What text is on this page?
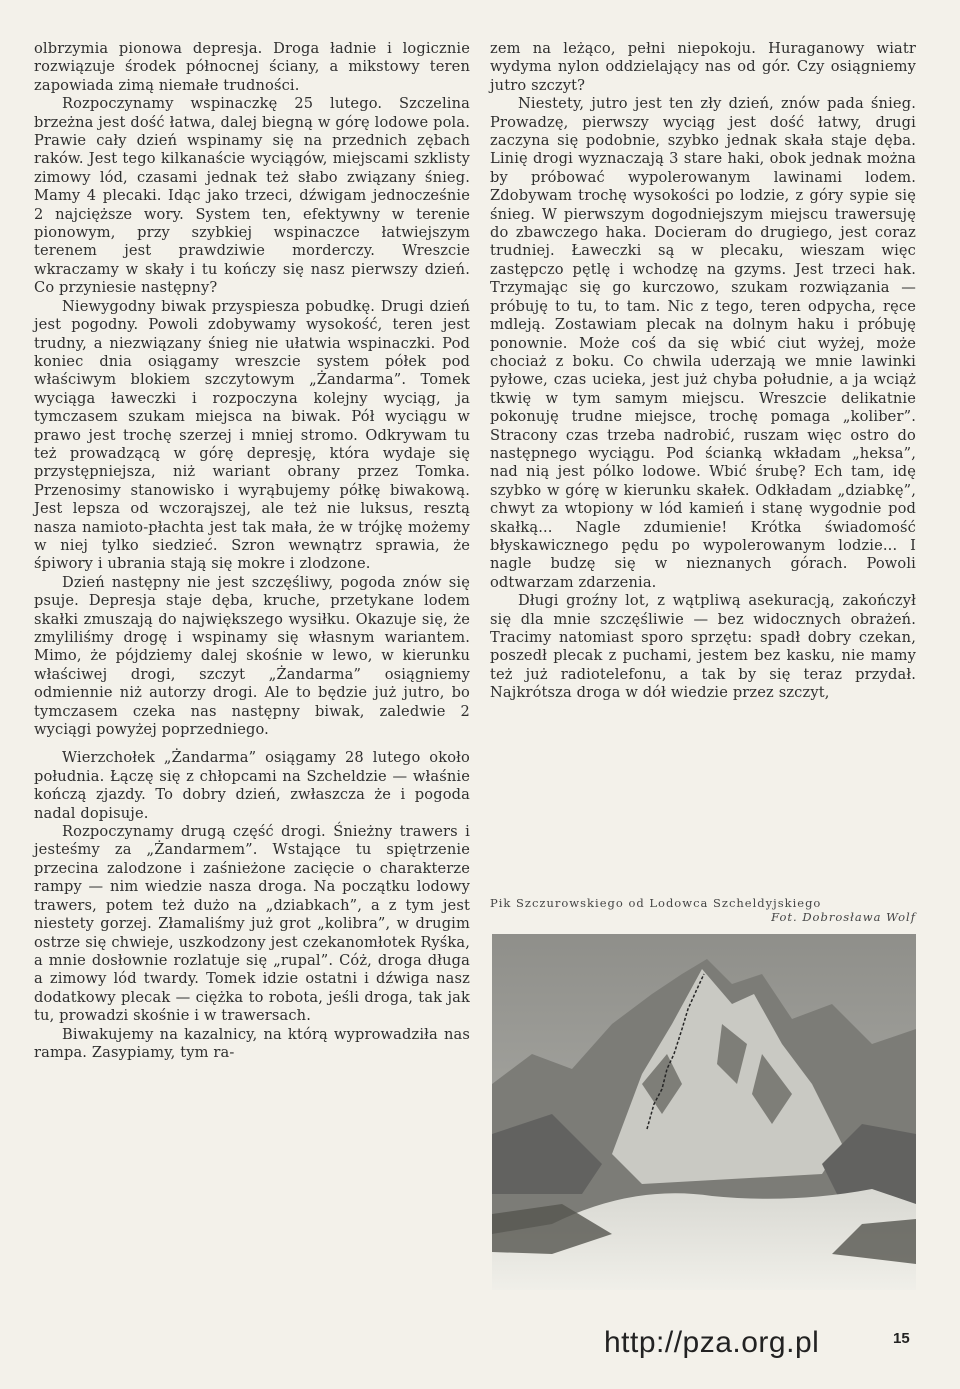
olbrzymia pionowa depresja. Droga ładnie i logicznie rozwiązuje środek północnej ściany, a mikstowy teren zapowiada zimą niemałe trudności.

Rozpoczynamy wspinaczkę 25 lutego. Szczelina brzeżna jest dość łatwa, dalej biegną w górę lodowe pola. Prawie cały dzień wspinamy się na przednich zębach raków. Jest tego kilkanaście wyciągów, miejscami szklisty zimowy lód, czasami jednak też słabo związany śnieg. Mamy 4 plecaki. Idąc jako trzeci, dźwigam jednocześnie 2 najcięższe wory. System ten, efektywny w terenie pionowym, przy szybkiej wspinaczce łatwiejszym terenem jest prawdziwie morderczy. Wreszcie wkraczamy w skały i tu kończy się nasz pierwszy dzień. Co przyniesie następny?

Niewygodny biwak przyspiesza pobudkę. Drugi dzień jest pogodny. Powoli zdobywamy wysokość, teren jest trudny, a niezwiązany śnieg nie ułatwia wspinaczki. Pod koniec dnia osiągamy wreszcie system półek pod właściwym blokiem szczytowym „Żandarma”. Tomek wyciąga ławeczki i rozpoczyna kolejny wyciąg, ja tymczasem szukam miejsca na biwak. Pół wyciągu w prawo jest trochę szerzej i mniej stromo. Odkrywam tu też prowadzącą w górę depresję, która wydaje się przystępniejsza, niż wariant obrany przez Tomka. Przenosimy stanowisko i wyrąbujemy półkę biwakową. Jest lepsza od wczorajszej, ale też nie luksus, resztą nasza namioto-płachta jest tak mała, że w trójkę możemy w niej tylko siedzieć. Szron wewnątrz sprawia, że śpiwory i ubrania stają się mokre i zlodzone.

Dzień następny nie jest szczęśliwy, pogoda znów się psuje. Depresja staje dęba, kruche, przetykane lodem skałki zmuszają do największego wysiłku. Okazuje się, że zmyliliśmy drogę i wspinamy się własnym wariantem. Mimo, że pójdziemy dalej skośnie w lewo, w kierunku właściwej drogi, szczyt „Żandarma” osiągniemy odmiennie niż autorzy drogi. Ale to będzie już jutro, bo tymczasem czeka nas następny biwak, zaledwie 2 wyciągi powyżej poprzedniego.

Wierzchołek „Żandarma” osiągamy 28 lutego około południa. Łączę się z chłopcami na Szcheldzie — właśnie kończą zjazdy. To dobry dzień, zwłaszcza że i pogoda nadal dopisuje.

Rozpoczynamy drugą część drogi. Śnieżny trawers i jesteśmy za „Żandarmem”. Wstające tu spiętrzenie przecina zalodzone i zaśnieżone zacięcie o charakterze rampy — nim wiedzie nasza droga. Na początku lodowy trawers, potem też dużo na „dziabkach”, a z tym jest niestety gorzej. Złamaliśmy już grot „kolibra”, w drugim ostrze się chwieje, uszkodzony jest czekanomłotek Ryśka, a mnie dosłownie rozlatuje się „rupal”. Cóż, droga długa a zimowy lód twardy. Tomek idzie ostatni i dźwiga nasz dodatkowy plecak — ciężka to robota, jeśli droga, tak jak tu, prowadzi skośnie i w trawersach.

Biwakujemy na kazalnicy, na którą wyprowadziła nas rampa. Zasypiamy, tym ra-

zem na leżąco, pełni niepokoju. Huraganowy wiatr wydyma nylon oddzielający nas od gór. Czy osiągniemy jutro szczyt?

Niestety, jutro jest ten zły dzień, znów pada śnieg. Prowadzę, pierwszy wyciąg jest dość łatwy, drugi zaczyna się podobnie, szybko jednak skała staje dęba. Linię drogi wyznaczają 3 stare haki, obok jednak można by próbować wypolerowanym lawinami lodem. Zdobywam trochę wysokości po lodzie, z góry sypie się śnieg. W pierwszym dogodniejszym miejscu trawersuję do zbawczego haka. Docieram do drugiego, jest coraz trudniej. Ławeczki są w plecaku, wieszam więc zastępczo pętlę i wchodzę na gzyms. Jest trzeci hak. Trzymając się go kurczowo, szukam rozwiązania — próbuję to tu, to tam. Nic z tego, teren odpycha, ręce mdleją. Zostawiam plecak na dolnym haku i próbuję ponownie. Może coś da się wbić ciut wyżej, może chociaż z boku. Co chwila uderzają we mnie lawinki pyłowe, czas ucieka, jest już chyba południe, a ja wciąż tkwię w tym samym miejscu. Wreszcie delikatnie pokonuję trudne miejsce, trochę pomaga „koliber”. Stracony czas trzeba nadrobić, ruszam więc ostro do następnego wyciągu. Pod ścianką wkładam „heksa”, nad nią jest pólko lodowe. Wbić śrubę? Ech tam, idę szybko w górę w kierunku skałek. Odkładam „dziabkę”, chwyt za wtopiony w lód kamień i stanę wygodnie pod skałką... Nagle zdumienie! Krótka świadomość błyskawicznego pędu po wypolerowanym lodzie... I nagle budzę się w nieznanych górach. Powoli odtwarzam zdarzenia.

Długi groźny lot, z wątpliwą asekuracją, zakończył się dla mnie szczęśliwie — bez widocznych obrażeń. Tracimy natomiast sporo sprzętu: spadł dobry czekan, poszedł plecak z puchami, jestem bez kasku, nie mamy też już radiotelefonu, a tak by się teraz przydał. Najkrótsza droga w dół wiedzie przez szczyt,

Pik Szczurowskiego od Lodowca Szcheldyjskiego
Fot. Dobrosława Wolf
http://pza.org.pl	15
